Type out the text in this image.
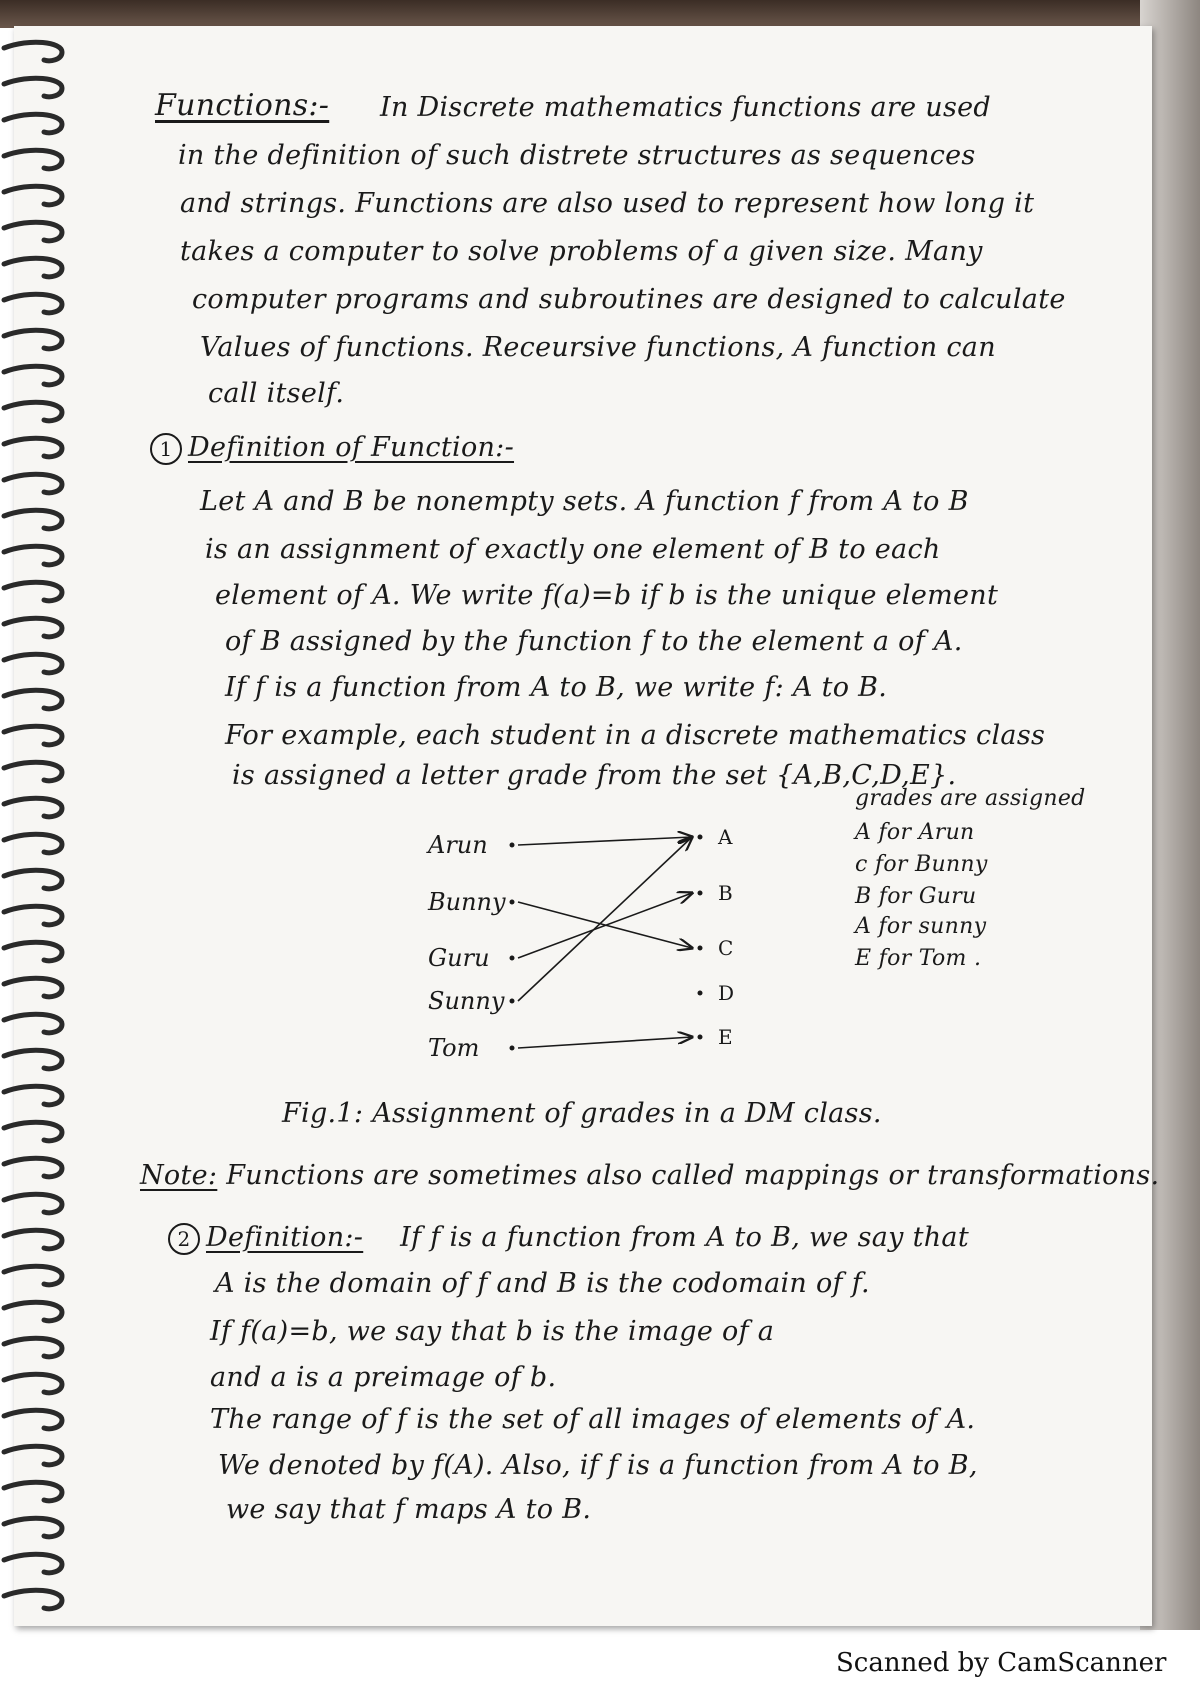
Functions:- In Discrete mathematics functions are used
in the definition of such distrete structures as sequences
and strings. Functions are also used to represent how long it
takes a computer to solve problems of a given size. Many
computer programs and subroutines are designed to calculate
Values of functions. Receursive functions, A function can
call itself.
1 Definition of Function:-
Let A and B be nonempty sets. A function f from A to B
is an assignment of exactly one element of B to each
element of A. We write f(a)=b if b is the unique element
of B assigned by the function f to the element a of A.
If f is a function from A to B, we write f: A to B.
For example, each student in a discrete mathematics class
is assigned a letter grade from the set {A,B,C,D,E}.
grades are assigned
A for Arun
c for Bunny
B for Guru
A for sunny
E for Tom .
Arun
Bunny
Guru
Sunny
Tom
A
B
C
D
E
Fig.1: Assignment of grades in a DM class.
Note: Functions are sometimes also called mappings or transformations.
2 Definition:- If f is a function from A to B, we say that
A is the domain of f and B is the codomain of f.
If f(a)=b, we say that b is the image of a
and a is a preimage of b.
The range of f is the set of all images of elements of A.
We denoted by f(A). Also, if f is a function from A to B,
we say that f maps A to B.
Scanned by CamScanner
